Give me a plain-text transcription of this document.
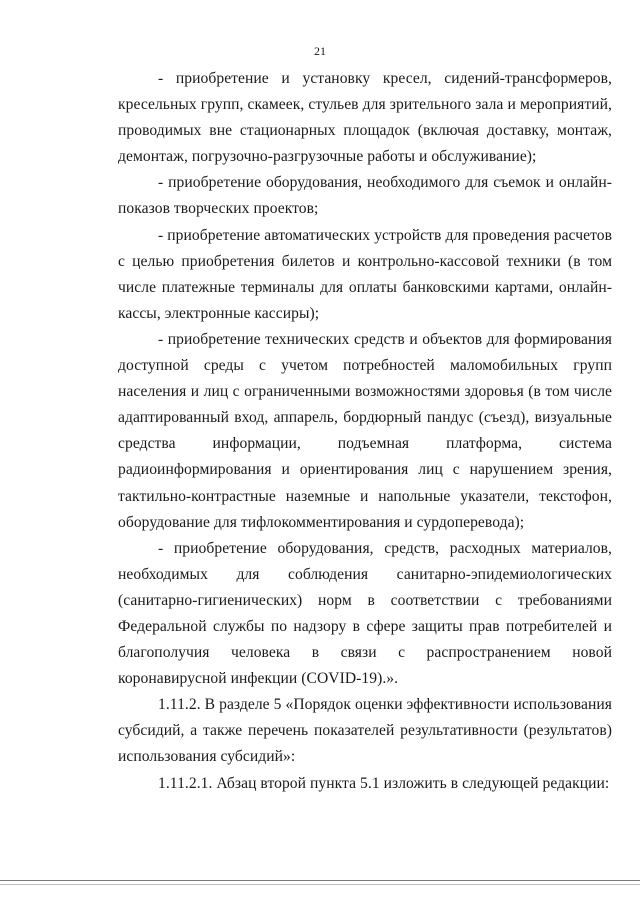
21

- приобретение и установку кресел, сидений-трансформеров, кресельных групп, скамеек, стульев для зрительного зала и мероприятий, проводимых вне стационарных площадок (включая доставку, монтаж, демонтаж, погрузочно-разгрузочные работы и обслуживание);

- приобретение оборудования, необходимого для съемок и онлайн-показов творческих проектов;

- приобретение автоматических устройств для проведения расчетов с целью приобретения билетов и контрольно-кассовой техники (в том числе платежные терминалы для оплаты банковскими картами, онлайн-кассы, электронные кассиры);

- приобретение технических средств и объектов для формирования доступной среды с учетом потребностей маломобильных групп населения и лиц с ограниченными возможностями здоровья (в том числе адаптированный вход, аппарель, бордюрный пандус (съезд), визуальные средства информации, подъемная платформа, система радиоинформирования и ориентирования лиц с нарушением зрения, тактильно-контрастные наземные и напольные указатели, текстофон, оборудование для тифлокомментирования и сурдоперевода);

- приобретение оборудования, средств, расходных материалов, необходимых для соблюдения санитарно-эпидемиологических (санитарно-гигиенических) норм в соответствии с требованиями Федеральной службы по надзору в сфере защиты прав потребителей и благополучия человека в связи с распространением новой коронавирусной инфекции (COVID-19).».

1.11.2. В разделе 5 «Порядок оценки эффективности использования субсидий, а также перечень показателей результативности (результатов) использования субсидий»:

1.11.2.1. Абзац второй пункта 5.1 изложить в следующей редакции:
